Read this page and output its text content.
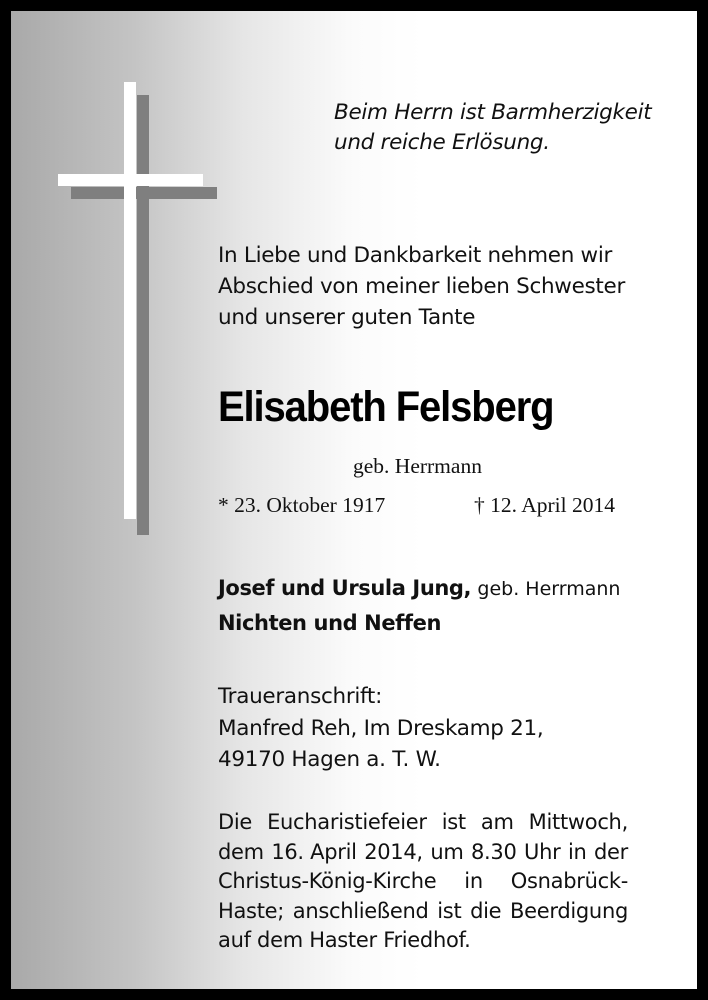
Beim Herrn ist Barmherzigkeit
und reiche Erlösung.
In Liebe und Dankbarkeit nehmen wir
Abschied von meiner lieben Schwester
und unserer guten Tante
Elisabeth Felsberg
geb. Herrmann
* 23. Oktober 1917	† 12. April 2014
Josef und Ursula Jung, geb. Herrmann
Nichten und Neffen
Traueranschrift:
Manfred Reh, Im Dreskamp 21,
49170 Hagen a. T. W.
Die Eucharistiefeier ist am Mittwoch,
dem 16. April 2014, um 8.30 Uhr in der
Christus-König-Kirche in Osnabrück-
Haste; anschließend ist die Beerdigung
auf dem Haster Friedhof.
